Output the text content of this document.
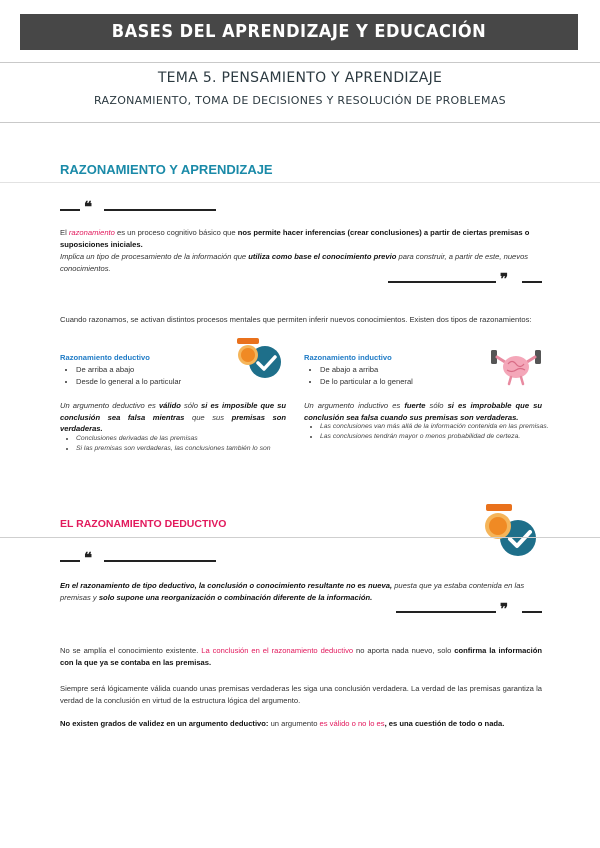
BASES DEL APRENDIZAJE Y EDUCACIÓN
TEMA 5. PENSAMIENTO Y APRENDIZAJE
RAZONAMIENTO, TOMA DE DECISIONES Y RESOLUCIÓN DE PROBLEMAS
RAZONAMIENTO Y APRENDIZAJE
❝
El razonamiento es un proceso cognitivo básico que nos permite hacer inferencias (crear conclusiones) a partir de ciertas premisas o suposiciones iniciales.
Implica un tipo de procesamiento de la información que utiliza como base el conocimiento previo para construir, a partir de este, nuevos conocimientos.
❞
Cuando razonamos, se activan distintos procesos mentales que permiten inferir nuevos conocimientos. Existen dos tipos de razonamientos:
Razonamiento deductivo
• De arriba a abajo
• Desde lo general a lo particular
Un argumento deductivo es válido sólo si es imposible que su conclusión sea falsa mientras que sus premisas son verdaderas.
• Conclusiones derivadas de las premisas
• Si las premisas son verdaderas, las conclusiones también lo son
Razonamiento inductivo
• De abajo a arriba
• De lo particular a lo general
Un argumento inductivo es fuerte sólo si es improbable que su conclusión sea falsa cuando sus premisas son verdaderas.
• Las conclusiones van más allá de la información contenida en las premisas.
• Las conclusiones tendrán mayor o menos probabilidad de certeza.
EL RAZONAMIENTO DEDUCTIVO
❝
En el razonamiento de tipo deductivo, la conclusión o conocimiento resultante no es nueva, puesta que ya estaba contenida en las premisas y solo supone una reorganización o combinación diferente de la información.
❞
No se amplía el conocimiento existente. La conclusión en el razonamiento deductivo no aporta nada nuevo, solo confirma la información con la que ya se contaba en las premisas.
Siempre será lógicamente válida cuando unas premisas verdaderas les siga una conclusión verdadera. La verdad de las premisas garantiza la verdad de la conclusión en virtud de la estructura lógica del argumento.
No existen grados de validez en un argumento deductivo: un argumento es válido o no lo es, es una cuestión de todo o nada.
